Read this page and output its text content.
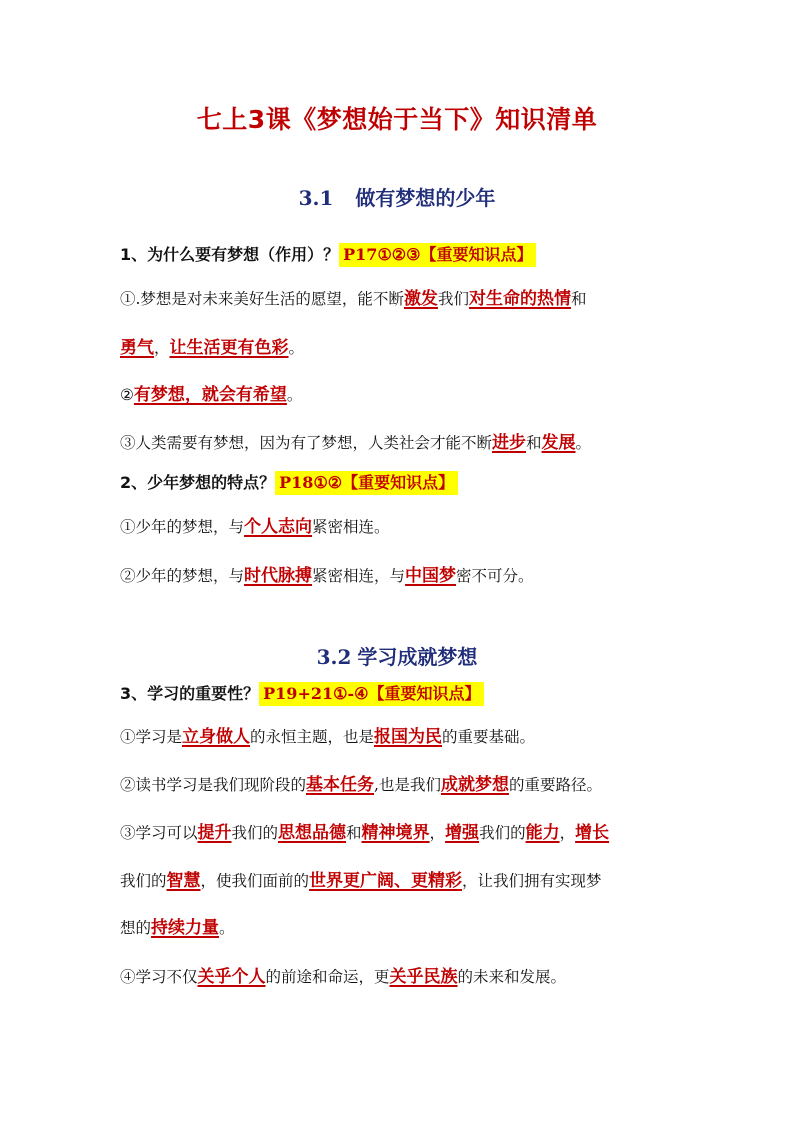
七上3课《梦想始于当下》知识清单
3.1 做有梦想的少年
1、为什么要有梦想（作用）？ P17①②③【重要知识点】
①.梦想是对未来美好生活的愿望，能不断激发我们对生命的热情和
勇气，让生活更有色彩。
②有梦想，就会有希望。
③人类需要有梦想，因为有了梦想，人类社会才能不断进步和发展。
2、少年梦想的特点？ P18①②【重要知识点】
①少年的梦想，与个人志向紧密相连。
②少年的梦想，与时代脉搏紧密相连，与中国梦密不可分。
3.2 学习成就梦想
3、学习的重要性？ P19+21①-④【重要知识点】
①学习是立身做人的永恒主题，也是报国为民的重要基础。
②读书学习是我们现阶段的基本任务,也是我们成就梦想的重要路径。
③学习可以提升我们的思想品德和精神境界，增强我们的能力，增长
我们的智慧，使我们面前的世界更广阔、更精彩，让我们拥有实现梦
想的持续力量。
④学习不仅关乎个人的前途和命运，更关乎民族的未来和发展。
